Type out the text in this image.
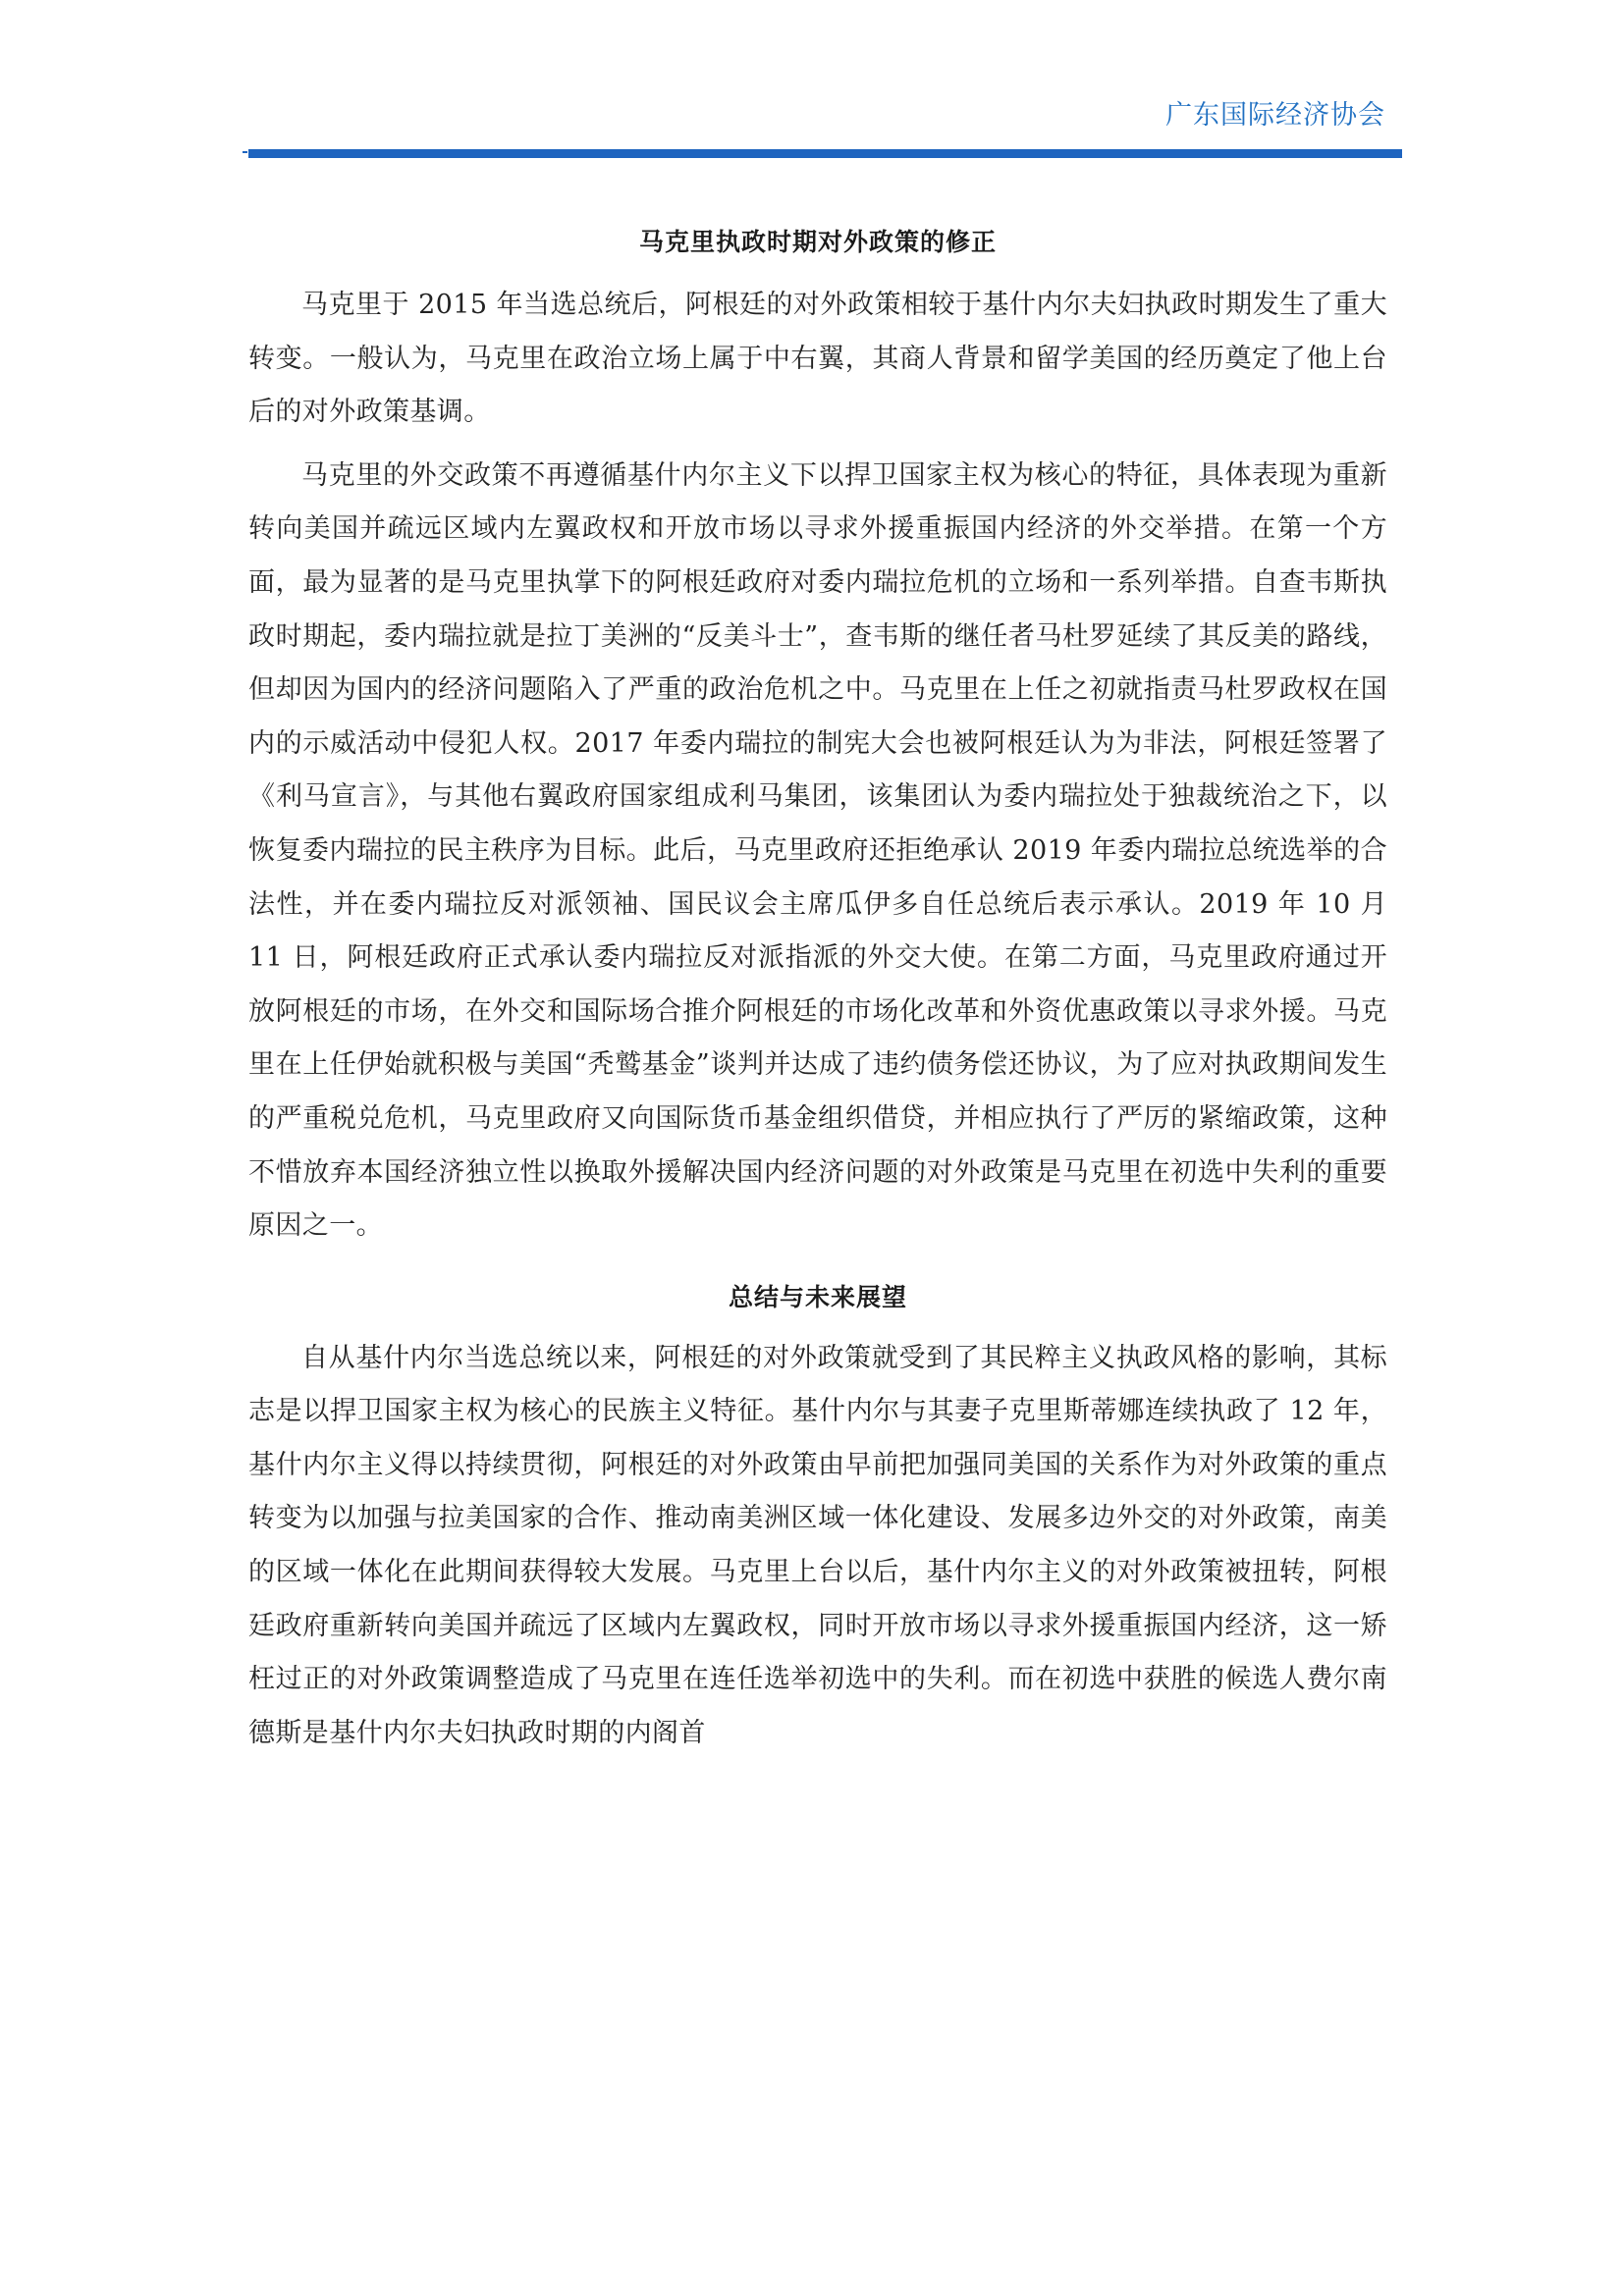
广东国际经济协会
马克里执政时期对外政策的修正

马克里于 2015 年当选总统后，阿根廷的对外政策相较于基什内尔夫妇执政时期发生了重大转变。一般认为，马克里在政治立场上属于中右翼，其商人背景和留学美国的经历奠定了他上台后的对外政策基调。

马克里的外交政策不再遵循基什内尔主义下以捍卫国家主权为核心的特征，具体表现为重新转向美国并疏远区域内左翼政权和开放市场以寻求外援重振国内经济的外交举措。在第一个方面，最为显著的是马克里执掌下的阿根廷政府对委内瑞拉危机的立场和一系列举措。自查韦斯执政时期起，委内瑞拉就是拉丁美洲的“反美斗士”，查韦斯的继任者马杜罗延续了其反美的路线，但却因为国内的经济问题陷入了严重的政治危机之中。马克里在上任之初就指责马杜罗政权在国内的示威活动中侵犯人权。2017 年委内瑞拉的制宪大会也被阿根廷认为为非法，阿根廷签署了《利马宣言》，与其他右翼政府国家组成利马集团，该集团认为委内瑞拉处于独裁统治之下，以恢复委内瑞拉的民主秩序为目标。此后，马克里政府还拒绝承认 2019 年委内瑞拉总统选举的合法性，并在委内瑞拉反对派领袖、国民议会主席瓜伊多自任总统后表示承认。2019 年 10 月 11 日，阿根廷政府正式承认委内瑞拉反对派指派的外交大使。在第二方面，马克里政府通过开放阿根廷的市场，在外交和国际场合推介阿根廷的市场化改革和外资优惠政策以寻求外援。马克里在上任伊始就积极与美国“秃鹫基金”谈判并达成了违约债务偿还协议，为了应对执政期间发生的严重税兑危机，马克里政府又向国际货币基金组织借贷，并相应执行了严厉的紧缩政策，这种不惜放弃本国经济独立性以换取外援解决国内经济问题的对外政策是马克里在初选中失利的重要原因之一。

总结与未来展望

自从基什内尔当选总统以来，阿根廷的对外政策就受到了其民粹主义执政风格的影响，其标志是以捍卫国家主权为核心的民族主义特征。基什内尔与其妻子克里斯蒂娜连续执政了 12 年，基什内尔主义得以持续贯彻，阿根廷的对外政策由早前把加强同美国的关系作为对外政策的重点转变为以加强与拉美国家的合作、推动南美洲区域一体化建设、发展多边外交的对外政策，南美的区域一体化在此期间获得较大发展。马克里上台以后，基什内尔主义的对外政策被扭转，阿根廷政府重新转向美国并疏远了区域内左翼政权，同时开放市场以寻求外援重振国内经济，这一矫枉过正的对外政策调整造成了马克里在连任选举初选中的失利。而在初选中获胜的候选人费尔南德斯是基什内尔夫妇执政时期的内阁首
